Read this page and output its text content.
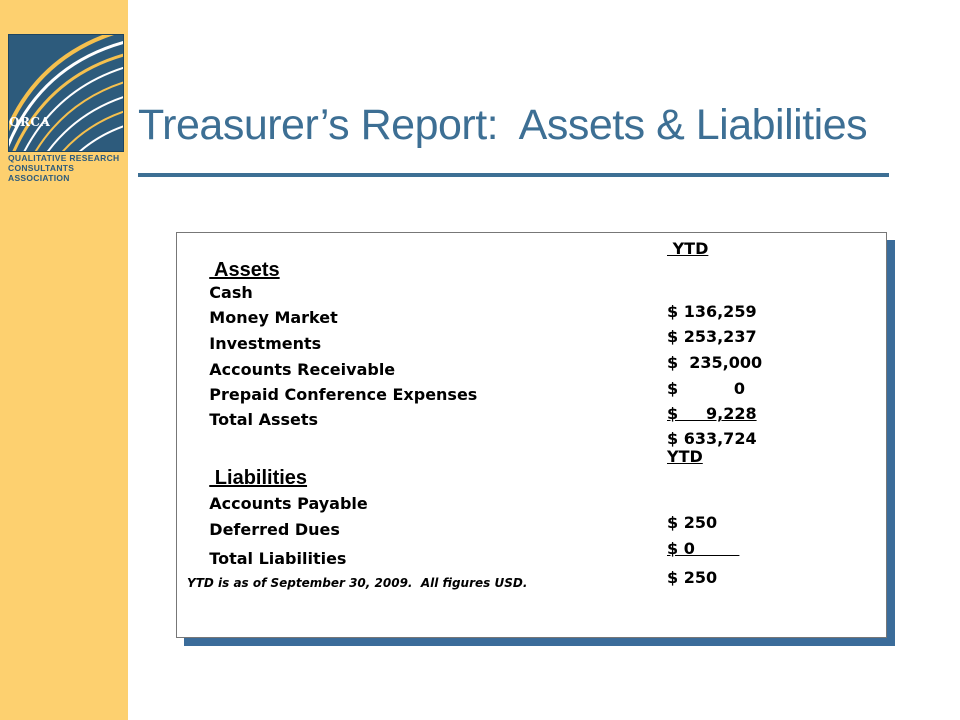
QRCA
QUALITATIVE RESEARCH
CONSULTANTS ASSOCIATION
Treasurer’s Report:  Assets & Liabilities

Assets

YTD

Cash

$ 136,259

Money Market

$ 253,237

Investments

$  235,000

Accounts Receivable

$          0

Prepaid Conference Expenses

$     9,228

Total Assets

$ 633,724

Liabilities

YTD

Accounts Payable

$ 250

Deferred Dues

$ 0

Total Liabilities

$ 250

YTD is as of September 30, 2009.  All figures USD.
